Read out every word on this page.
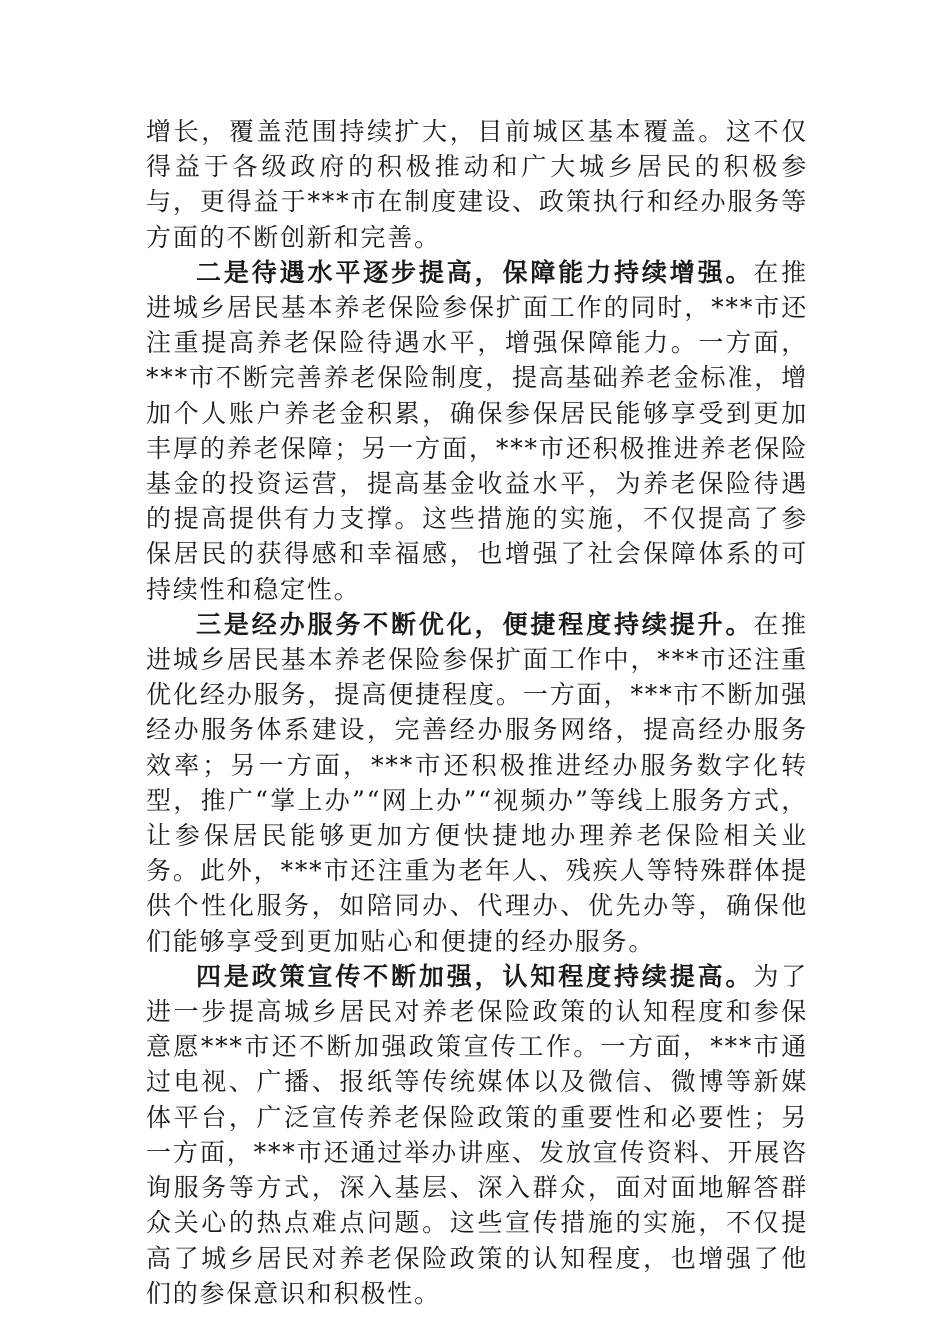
增长，覆盖范围持续扩大，目前城区基本覆盖。这不仅得益于各级政府的积极推动和广大城乡居民的积极参与，更得益于***市在制度建设、政策执行和经办服务等方面的不断创新和完善。

二是待遇水平逐步提高，保障能力持续增强。在推进城乡居民基本养老保险参保扩面工作的同时，***市还注重提高养老保险待遇水平，增强保障能力。一方面，***市不断完善养老保险制度，提高基础养老金标准，增加个人账户养老金积累，确保参保居民能够享受到更加丰厚的养老保障；另一方面，***市还积极推进养老保险基金的投资运营，提高基金收益水平，为养老保险待遇的提高提供有力支撑。这些措施的实施，不仅提高了参保居民的获得感和幸福感，也增强了社会保障体系的可持续性和稳定性。

三是经办服务不断优化，便捷程度持续提升。在推进城乡居民基本养老保险参保扩面工作中，***市还注重优化经办服务，提高便捷程度。一方面，***市不断加强经办服务体系建设，完善经办服务网络，提高经办服务效率；另一方面，***市还积极推进经办服务数字化转型，推广“掌上办”“网上办”“视频办”等线上服务方式，让参保居民能够更加方便快捷地办理养老保险相关业务。此外，***市还注重为老年人、残疾人等特殊群体提供个性化服务，如陪同办、代理办、优先办等，确保他们能够享受到更加贴心和便捷的经办服务。

四是政策宣传不断加强，认知程度持续提高。为了进一步提高城乡居民对养老保险政策的认知程度和参保意愿***市还不断加强政策宣传工作。一方面，***市通过电视、广播、报纸等传统媒体以及微信、微博等新媒体平台，广泛宣传养老保险政策的重要性和必要性；另一方面，***市还通过举办讲座、发放宣传资料、开展咨询服务等方式，深入基层、深入群众，面对面地解答群众关心的热点难点问题。这些宣传措施的实施，不仅提高了城乡居民对养老保险政策的认知程度，也增强了他们的参保意识和积极性。
